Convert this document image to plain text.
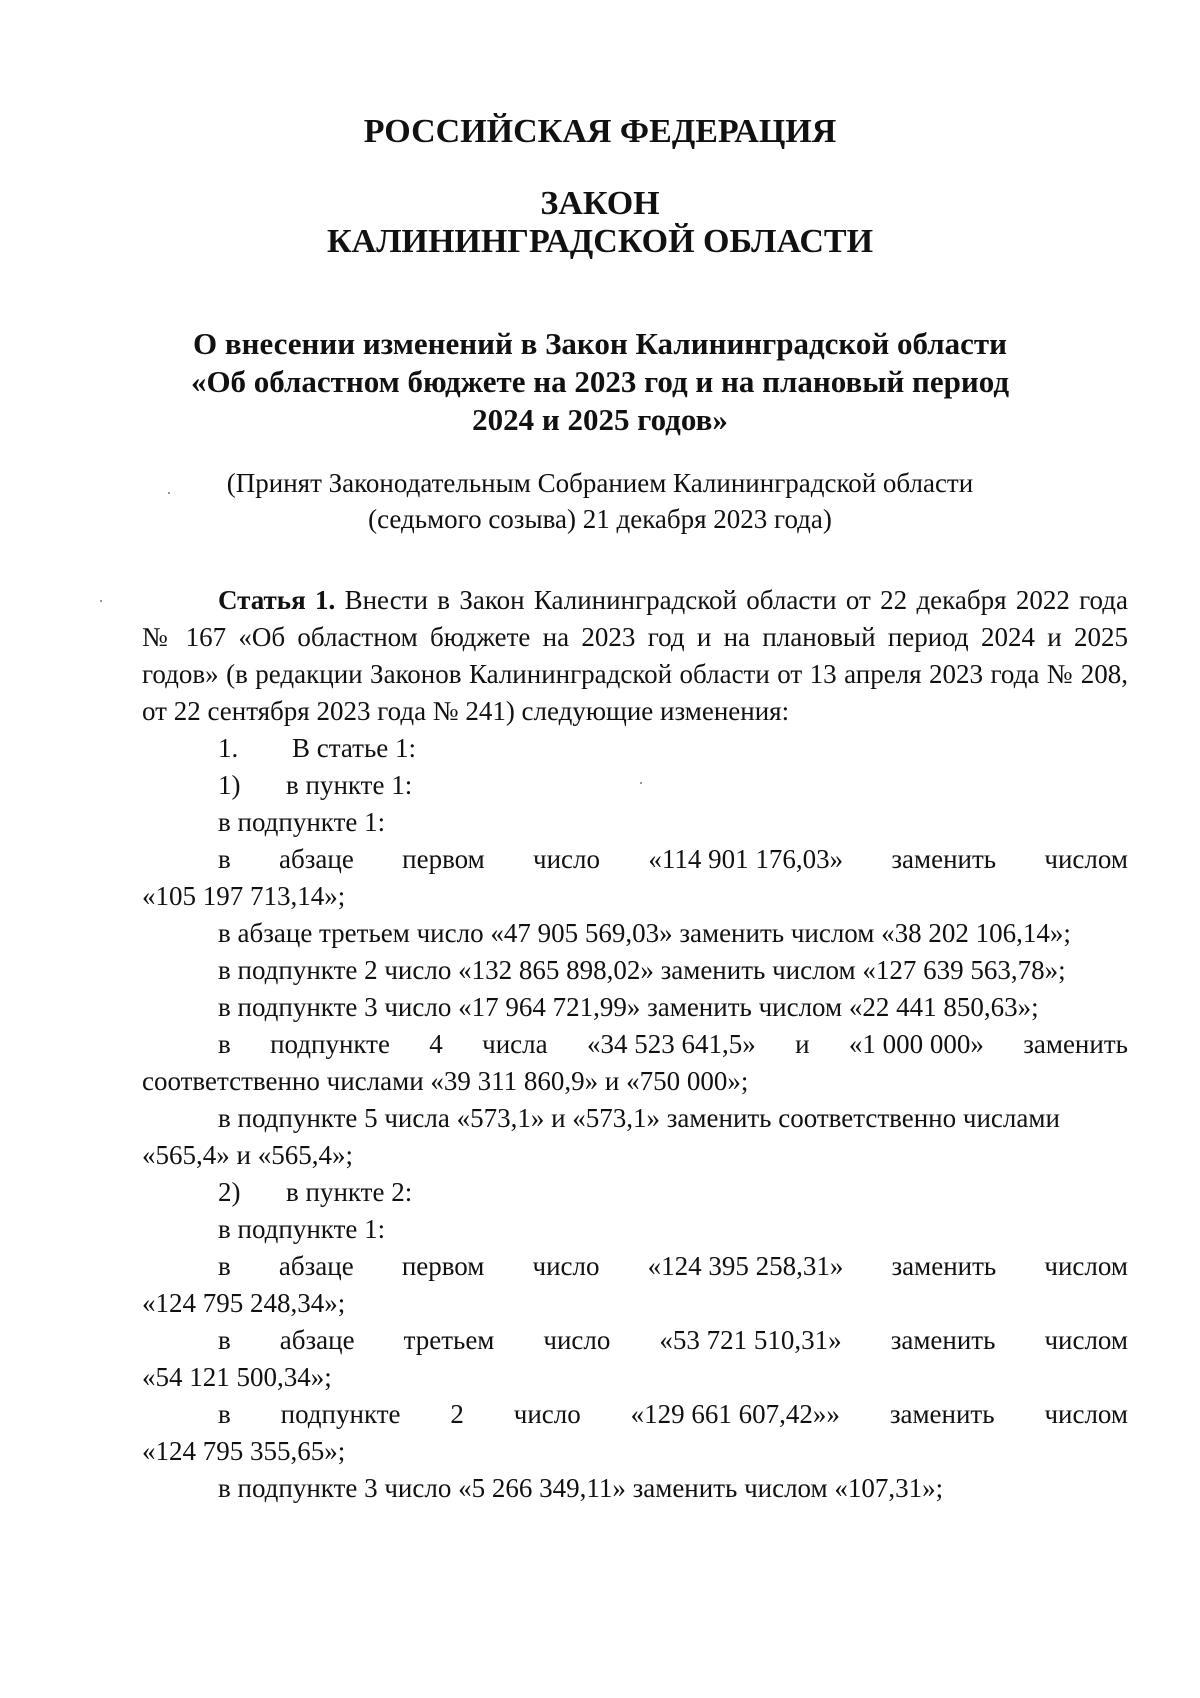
РОССИЙСКАЯ ФЕДЕРАЦИЯ

ЗАКОН

КАЛИНИНГРАДСКОЙ ОБЛАСТИ

О внесении изменений в Закон Калининградской области

«Об областном бюджете на 2023 год и на плановый период

2024 и 2025 годов»

(Принят Законодательным Собранием Калининградской области

(седьмого созыва) 21 декабря 2023 года)

Статья 1. Внести в Закон Калининградской области от 22 декабря 2022 года № 167 «Об областном бюджете на 2023 год и на плановый период 2024 и 2025 годов» (в редакции Законов Калининградской области от 13 апреля 2023 года № 208, от 22 сентября 2023 года № 241) следующие изменения:

1. В статье 1:

1) в пункте 1:

в подпункте 1:

в абзаце первом число «114 901 176,03» заменить числом

«105 197 713,14»;

в абзаце третьем число «47 905 569,03» заменить числом «38 202 106,14»;

в подпункте 2 число «132 865 898,02» заменить числом «127 639 563,78»;

в подпункте 3 число «17 964 721,99» заменить числом «22 441 850,63»;

в подпункте 4 числа «34 523 641,5» и «1 000 000» заменить

соответственно числами «39 311 860,9» и «750 000»;

в подпункте 5 числа «573,1» и «573,1» заменить соответственно числами

«565,4» и «565,4»;

2) в пункте 2:

в подпункте 1:

в абзаце первом число «124 395 258,31» заменить числом

«124 795 248,34»;

в абзаце третьем число «53 721 510,31» заменить числом

«54 121 500,34»;

в подпункте 2 число «129 661 607,42»» заменить числом

«124 795 355,65»;

в подпункте 3 число «5 266 349,11» заменить числом «107,31»;
